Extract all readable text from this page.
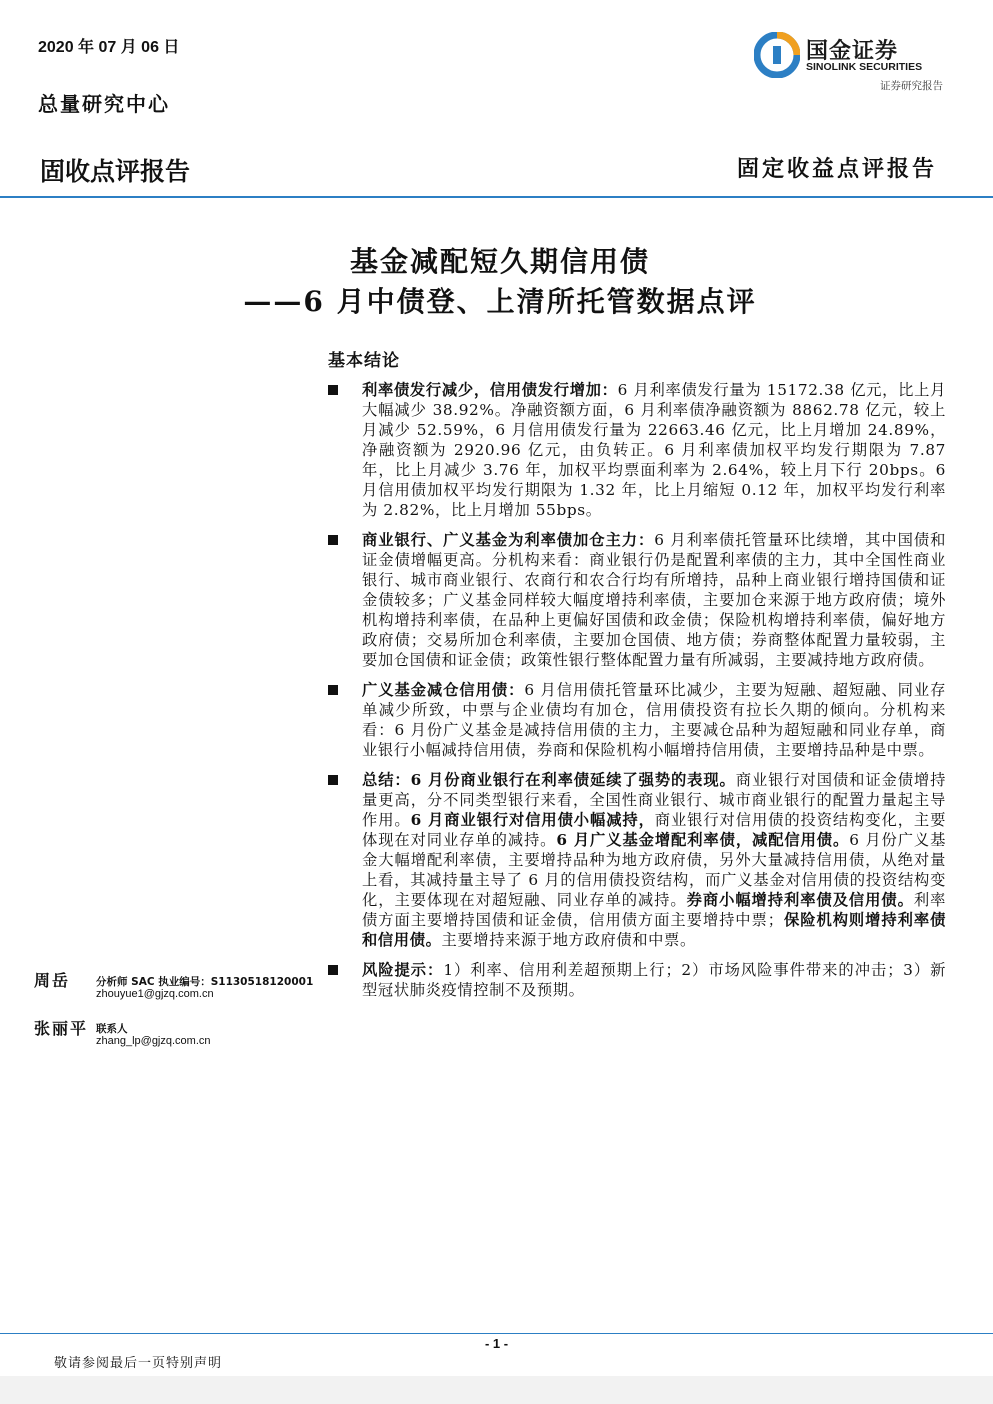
2020 年 07 月 06 日
总量研究中心
固收点评报告	固定收益点评报告
国金证券
SINOLINK SECURITIES
证券研究报告
基金减配短久期信用债
——6 月中债登、上清所托管数据点评
基本结论
利率债发行减少，信用债发行增加：6 月利率债发行量为 15172.38 亿元，比上月大幅减少 38.92%。净融资额方面，6 月利率债净融资额为 8862.78 亿元，较上月减少 52.59%，6 月信用债发行量为 22663.46 亿元，比上月增加 24.89%，净融资额为 2920.96 亿元，由负转正。6 月利率债加权平均发行期限为 7.87 年，比上月减少 3.76 年，加权平均票面利率为 2.64%，较上月下行 20bps。6 月信用债加权平均发行期限为 1.32 年，比上月缩短 0.12 年，加权平均发行利率为 2.82%，比上月增加 55bps。
商业银行、广义基金为利率债加仓主力：6 月利率债托管量环比续增，其中国债和证金债增幅更高。分机构来看：商业银行仍是配置利率债的主力，其中全国性商业银行、城市商业银行、农商行和农合行均有所增持，品种上商业银行增持国债和证金债较多；广义基金同样较大幅度增持利率债，主要加仓来源于地方政府债；境外机构增持利率债，在品种上更偏好国债和政金债；保险机构增持利率债，偏好地方政府债；交易所加仓利率债，主要加仓国债、地方债；券商整体配置力量较弱，主要加仓国债和证金债；政策性银行整体配置力量有所减弱，主要减持地方政府债。
广义基金减仓信用债：6 月信用债托管量环比减少，主要为短融、超短融、同业存单减少所致，中票与企业债均有加仓，信用债投资有拉长久期的倾向。分机构来看：6 月份广义基金是减持信用债的主力，主要减仓品种为超短融和同业存单，商业银行小幅减持信用债，券商和保险机构小幅增持信用债，主要增持品种是中票。
总结：6 月份商业银行在利率债延续了强势的表现。商业银行对国债和证金债增持量更高，分不同类型银行来看，全国性商业银行、城市商业银行的配置力量起主导作用。6 月商业银行对信用债小幅减持，商业银行对信用债的投资结构变化，主要体现在对同业存单的减持。6 月广义基金增配利率债，减配信用债。6 月份广义基金大幅增配利率债，主要增持品种为地方政府债，另外大量减持信用债，从绝对量上看，其减持量主导了 6 月的信用债投资结构，而广义基金对信用债的投资结构变化，主要体现在对超短融、同业存单的减持。券商小幅增持利率债及信用债。利率债方面主要增持国债和证金债，信用债方面主要增持中票；保险机构则增持利率债和信用债。主要增持来源于地方政府债和中票。
风险提示：1）利率、信用利差超预期上行；2）市场风险事件带来的冲击；3）新型冠状肺炎疫情控制不及预期。
周岳 分析师 SAC 执业编号：S1130518120001
zhouyue1@gjzq.com.cn
张丽平 联系人
zhang_lp@gjzq.com.cn
- 1 -
敬请参阅最后一页特别声明
